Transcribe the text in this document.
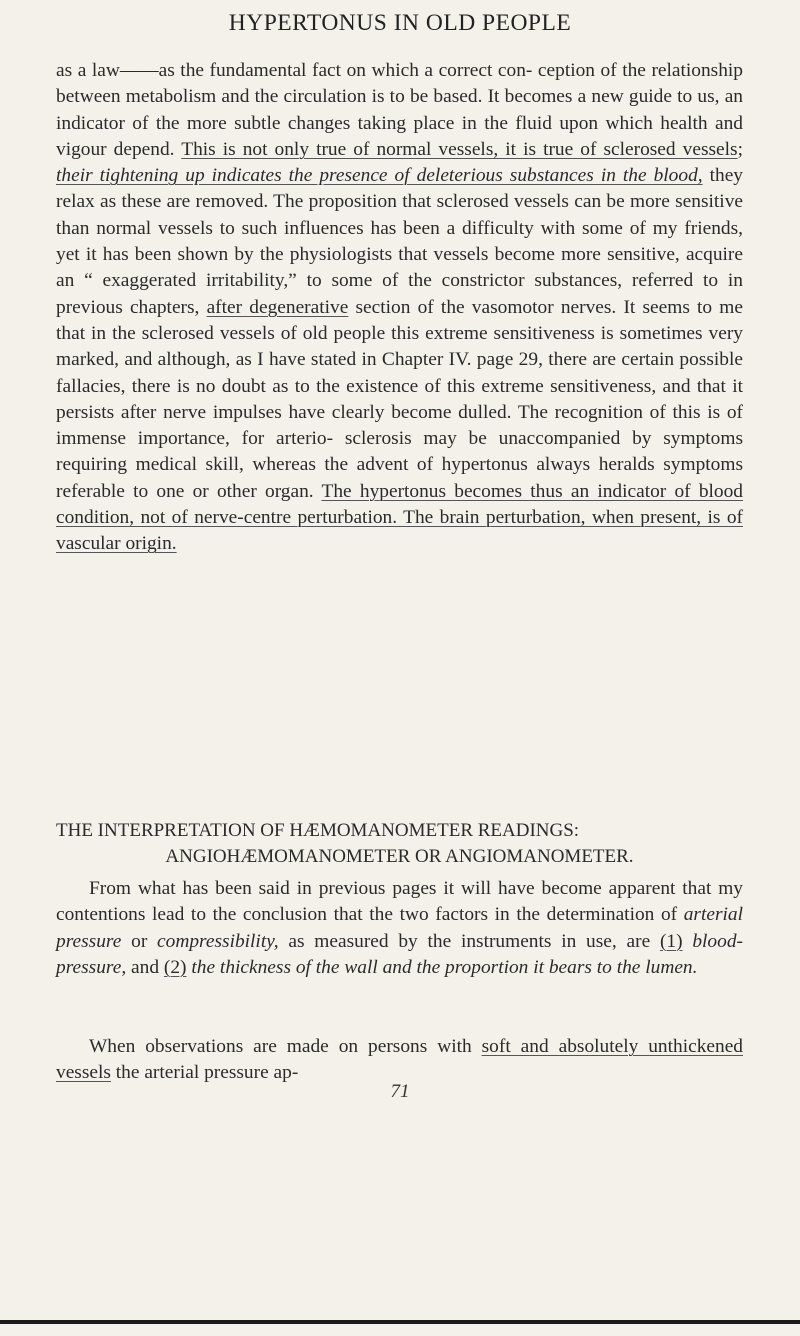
HYPERTONUS IN OLD PEOPLE

as a law——as the fundamental fact on which a correct con- ception of the relationship between metabolism and the circulation is to be based. It becomes a new guide to us, an indicator of the more subtle changes taking place in the fluid upon which health and vigour depend. This is not only true of normal vessels, it is true of sclerosed vessels; their tightening up indicates the presence of deleterious substances in the blood, they relax as these are removed. The proposition that sclerosed vessels can be more sensitive than normal vessels to such influences has been a difficulty with some of my friends, yet it has been shown by the physiologists that vessels become more sensitive, acquire an “ exaggerated irritability,” to some of the constrictor substances, referred to in previous chapters, after degenerative section of the vasomotor nerves. It seems to me that in the sclerosed vessels of old people this extreme sensitiveness is sometimes very marked, and although, as I have stated in Chapter IV. page 29, there are certain possible fallacies, there is no doubt as to the existence of this extreme sensitiveness, and that it persists after nerve impulses have clearly become dulled. The recognition of this is of immense importance, for arterio- sclerosis may be unaccompanied by symptoms requiring medical skill, whereas the advent of hypertonus always heralds symptoms referable to one or other organ. The hypertonus becomes thus an indicator of blood condition, not of nerve-centre perturbation. The brain perturbation, when present, is of vascular origin.

THE INTERPRETATION OF HÆMOMANOMETER READINGS:
ANGIOHÆMOMANOMETER OR ANGIOMANOMETER.

From what has been said in previous pages it will have become apparent that my contentions lead to the conclusion that the two factors in the determination of arterial pressure or compressibility, as measured by the instruments in use, are (1) blood-pressure, and (2) the thickness of the wall and the proportion it bears to the lumen.

When observations are made on persons with soft and absolutely unthickened vessels the arterial pressure ap-

71
